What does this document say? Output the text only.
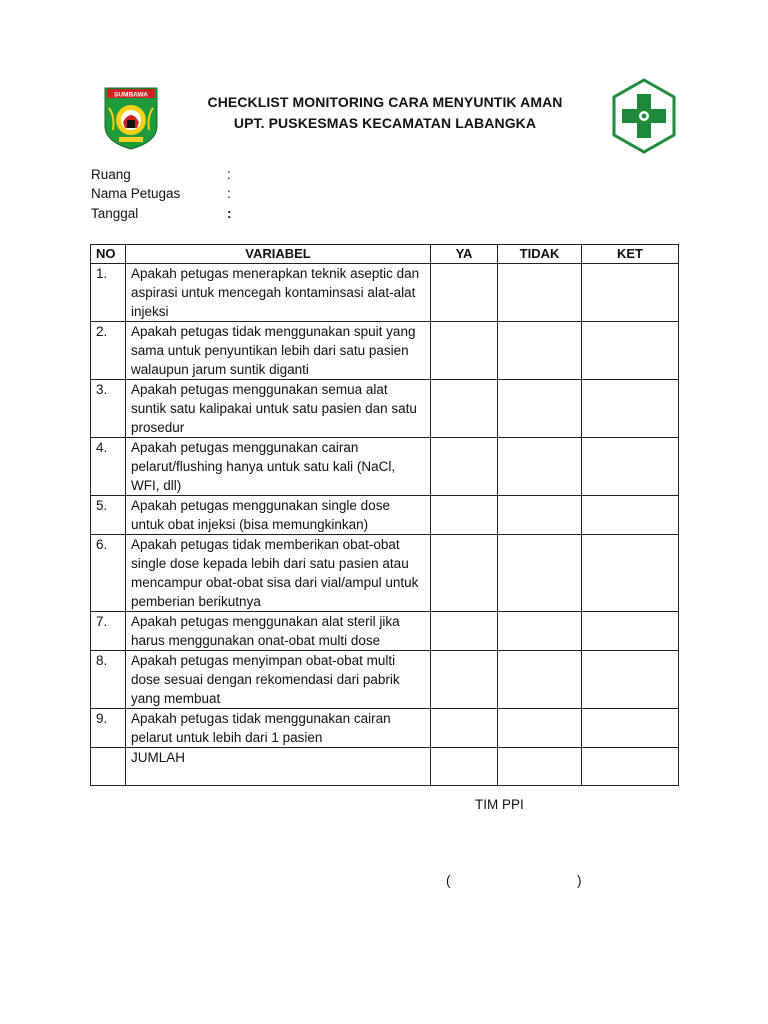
SUMBAWA	CHECKLIST MONITORING CARA MENYUNTIK AMAN
UPT. PUSKESMAS KECAMATAN LABANGKA
Ruang	:
Nama Petugas	:
Tanggal	:
NO	VARIABEL	YA	TIDAK	KET
1.	Apakah petugas menerapkan teknik aseptic dan aspirasi untuk mencegah kontaminsasi alat-alat injeksi			
2.	Apakah petugas tidak menggunakan spuit yang sama untuk penyuntikan lebih dari satu pasien walaupun jarum suntik diganti			
3.	Apakah petugas menggunakan semua alat suntik satu kalipakai untuk satu pasien dan satu prosedur			
4.	Apakah petugas menggunakan cairan pelarut/flushing hanya untuk satu kali (NaCl, WFI, dll)			
5.	Apakah petugas menggunakan single dose untuk obat injeksi (bisa memungkinkan)			
6.	Apakah petugas tidak memberikan obat-obat single dose kepada lebih dari satu pasien atau mencampur obat-obat sisa dari vial/ampul untuk pemberian berikutnya			
7.	Apakah petugas menggunakan alat steril jika harus menggunakan onat-obat multi dose			
8.	Apakah petugas menyimpan obat-obat multi dose sesuai dengan rekomendasi dari pabrik yang membuat			
9.	Apakah petugas tidak menggunakan cairan pelarut untuk lebih dari 1 pasien			
	JUMLAH			
TIM PPI
(	)
